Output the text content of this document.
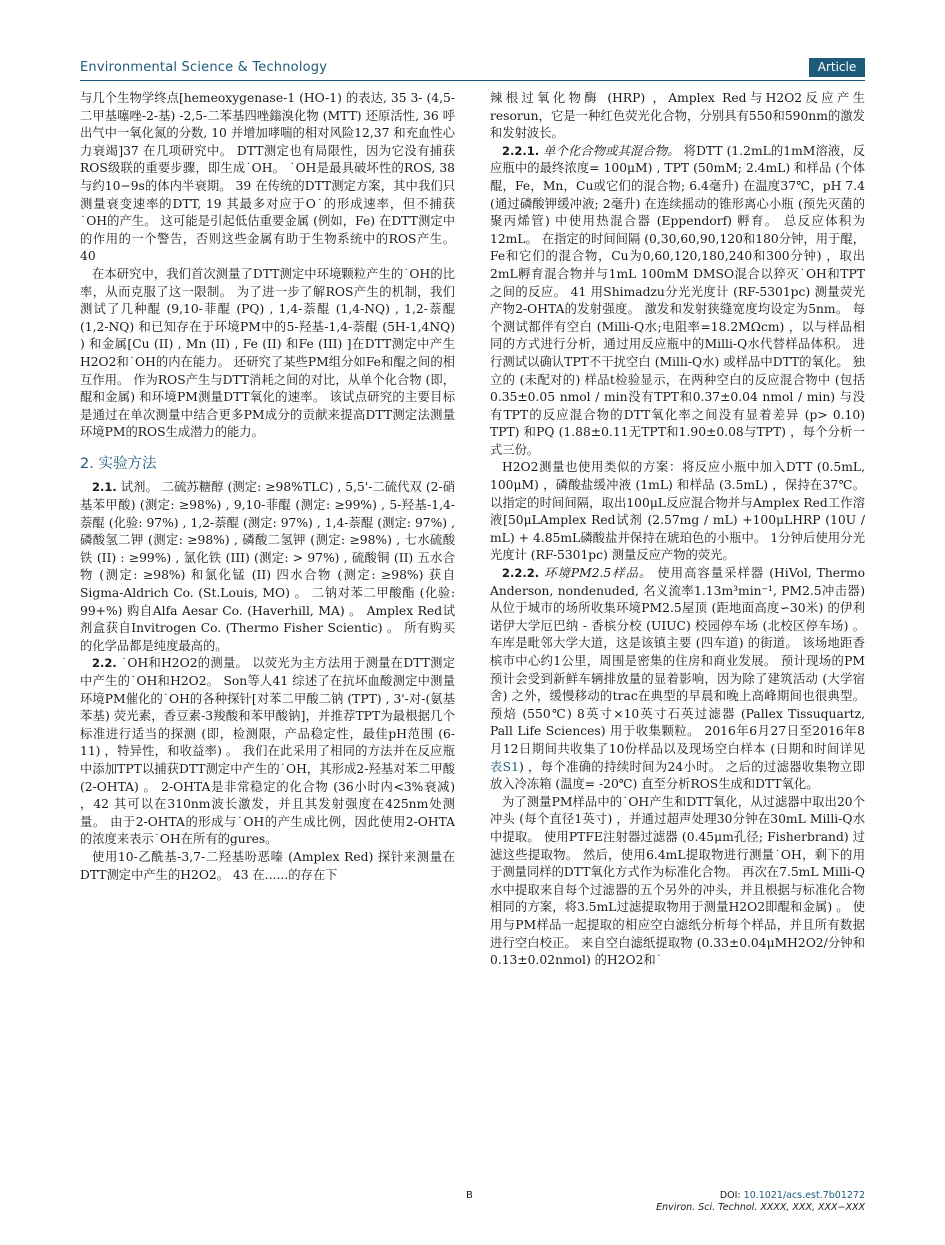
Environmental Science & Technology	Article

与几个生物学终点[hemeoxygenase-1 (HO-1) 的表达, 35 3- (4,5-二甲基噻唑-2-基) -2,5-二苯基四唑鎓溴化物 (MTT) 还原活性, 36 呼出气中一氧化氮的分数, 10 并增加哮喘的相对风险12,37 和充血性心力衰竭]37 在几项研究中。 DTT测定也有局限性，因为它没有捕获ROS级联的重要步骤，即生成˙OH。 ˙OH是最具破坏性的ROS, 38 与约10−9s的体内半衰期。 39 在传统的DTT测定方案，其中我们只测量衰变速率的DTT, 19 其最多对应于O˙的形成速率，但不捕获˙OH的产生。 这可能是引起低估重要金属 (例如，Fe) 在DTT测定中的作用的一个警告，否则这些金属有助于生物系统中的ROS产生。 40

在本研究中，我们首次测量了DTT测定中环境颗粒产生的˙OH的比率，从而克服了这一限制。 为了进一步了解ROS产生的机制，我们测试了几种醌 (9,10-菲醌 (PQ) , 1,4-萘醌 (1,4-NQ) , 1,2-萘醌 (1,2-NQ) 和已知存在于环境PM中的5-羟基-1,4-萘醌 (5H-1,4NQ) ) 和金属[Cu (II) , Mn (II) , Fe (II) 和Fe (III) ]在DTT测定中产生H2O2和˙OH的内在能力。 还研究了某些PM组分如Fe和醌之间的相互作用。 作为ROS产生与DTT消耗之间的对比，从单个化合物 (即，醌和金属) 和环境PM测量DTT氧化的速率。 该试点研究的主要目标是通过在单次测量中结合更多PM成分的贡献来提高DTT测定法测量环境PM的ROS生成潜力的能力。

2. 实验方法

2.1. 试剂。 二硫苏糖醇 (测定: ≥98%TLC) , 5,5'-二硫代双 (2-硝基苯甲酸) (测定: ≥98%) , 9,10-菲醌 (测定: ≥99%) , 5-羟基-1,4-萘醌 (化验: 97%) , 1,2-萘醌 (测定: 97%) , 1,4-萘醌 (测定: 97%) , 磷酸氢二钾 (测定: ≥98%) , 磷酸二氢钾 (测定: ≥98%) , 七水硫酸铁 (II) : ≥99%) , 氯化铁 (III) (测定: > 97%) , 硫酸铜 (II) 五水合物 (测定: ≥98%) 和氯化锰 (II) 四水合物 (测定: ≥98%) 获自Sigma-Aldrich Co. (St.Louis, MO) 。 二钠对苯二甲酸酯 (化验: 99+%) 购自Alfa Aesar Co. (Haverhill, MA) 。 Amplex Red试剂盒获自Invitrogen Co. (Thermo Fisher Scientic) 。 所有购买的化学品都是纯度最高的。

2.2. ˙OH和H2O2的测量。 以荧光为主方法用于测量在DTT测定中产生的˙OH和H2O2。 Son等人41 综述了在抗坏血酸测定中测量环境PM催化的˙OH的各种探针[对苯二甲酸二钠 (TPT) , 3'-对-(氨基苯基) 荧光素，香豆素-3羧酸和苯甲酸钠]，并推荐TPT为最根据几个标准进行适当的探测 (即，检测限，产品稳定性，最佳pH范围 (6-11) ，特异性，和收益率) 。 我们在此采用了相同的方法并在反应瓶中添加TPT以捕获DTT测定中产生的˙OH，其形成2-羟基对苯二甲酸 (2-OHTA) 。 2-OHTA是非常稳定的化合物 (36小时内<3%衰减) ，42 其可以在310nm波长激发，并且其发射强度在425nm处测量。 由于2-OHTA的形成与˙OH的产生成比例，因此使用2-OHTA的浓度来表示˙OH在所有的gures。

使用10-乙酰基-3,7-二羟基吩恶嗪 (Amplex Red) 探针来测量在DTT测定中产生的H2O2。 43 在......的存在下

辣根过氧化物酶 (HRP) ，Amplex Red与H2O2反应产生resorun，它是一种红色荧光化合物，分别具有550和590nm的激发和发射波长。

2.2.1. 单个化合物或其混合物。 将DTT (1.2mL的1mM溶液，反应瓶中的最终浓度= 100μM) , TPT (50mM; 2.4mL) 和样品 (个体醌，Fe，Mn，Cu或它们的混合物; 6.4毫升) 在温度37℃，pH 7.4 (通过磷酸钾缓冲液; 2毫升) 在连续摇动的锥形离心小瓶 (预先灭菌的聚丙烯管) 中使用热混合器 (Eppendorf) 孵育。 总反应体积为12mL。 在指定的时间间隔 (0,30,60,90,120和180分钟，用于醌，Fe和它们的混合物，Cu为0,60,120,180,240和300分钟) ，取出2mL孵育混合物并与1mL 100mM DMSO混合以猝灭˙OH和TPT之间的反应。 41 用Shimadzu分光光度计 (RF-5301pc) 测量荧光产物2-OHTA的发射强度。 激发和发射狭缝宽度均设定为5nm。 每个测试都伴有空白 (Milli-Q水;电阻率=18.2MΩcm) ，以与样品相同的方式进行分析，通过用反应瓶中的Milli-Q水代替样品体积。 进行测试以确认TPT不干扰空白 (Milli-Q水) 或样品中DTT的氧化。 独立的 (未配对的) 样品t检验显示，在两种空白的反应混合物中 (包括0.35±0.05 nmol / min没有TPT和0.37±0.04 nmol / min) 与没有TPT的反应混合物的DTT氧化率之间没有显着差异 (p> 0.10) TPT) 和PQ (1.88±0.11无TPT和1.90±0.08与TPT) ，每个分析一式三份。

H2O2测量也使用类似的方案：将反应小瓶中加入DTT (0.5mL, 100μM) ，磷酸盐缓冲液 (1mL) 和样品 (3.5mL) ，保持在37℃。以指定的时间间隔，取出100μL反应混合物并与Amplex Red工作溶液[50μLAmplex Red试剂 (2.57mg / mL) +100μLHRP (10U / mL) + 4.85mL磷酸盐并保持在琥珀色的小瓶中。 1分钟后使用分光光度计 (RF-5301pc) 测量反应产物的荧光。

2.2.2. 环境PM2.5样品。 使用高容量采样器 (HiVol, Thermo Anderson, nondenuded, 名义流率1.13m³min⁻¹, PM2.5冲击器) 从位于城市的场所收集环境PM2.5屋顶 (距地面高度∽30米) 的伊利诺伊大学厄巴纳 - 香槟分校 (UIUC) 校园停车场 (北校区停车场) 。 车库是毗邻大学大道，这是该镇主要 (四车道) 的街道。 该场地距香槟市中心约1公里，周围是密集的住房和商业发展。 预计现场的PM预计会受到新鲜车辆排放量的显着影响，因为除了建筑活动 (大学宿舍) 之外，缓慢移动的trac在典型的早晨和晚上高峰期间也很典型。 预焙 (550℃) 8英寸×10英寸石英过滤器 (Pallex Tissuquartz, Pall Life Sciences) 用于收集颗粒。 2016年6月27日至2016年8月12日期间共收集了10份样品以及现场空白样本 (日期和时间详见 表S1) ，每个准确的持续时间为24小时。 之后的过滤器收集物立即放入冷冻箱 (温度= -20℃) 直至分析ROS生成和DTT氧化。

为了测量PM样品中的˙OH产生和DTT氧化，从过滤器中取出20个冲头 (每个直径1英寸) ，并通过超声处理30分钟在30mL Milli-Q水中提取。 使用PTFE注射器过滤器 (0.45μm孔径; Fisherbrand) 过滤这些提取物。 然后，使用6.4mL提取物进行测量˙OH，剩下的用于测量同样的DTT氧化方式作为标准化合物。 再次在7.5mL Milli-Q水中提取来自每个过滤器的五个另外的冲头，并且根据与标准化合物相同的方案，将3.5mL过滤提取物用于测量H2O2即醌和金属) 。 使用与PM样品一起提取的相应空白滤纸分析每个样品，并且所有数据进行空白校正。 来自空白滤纸提取物 (0.33±0.04μMH2O2/分钟和0.13±0.02nmol) 的H2O2和˙

B	DOI: 10.1021/acs.est.7b01272
Environ. Sci. Technol. XXXX, XXX, XXX−XXX
